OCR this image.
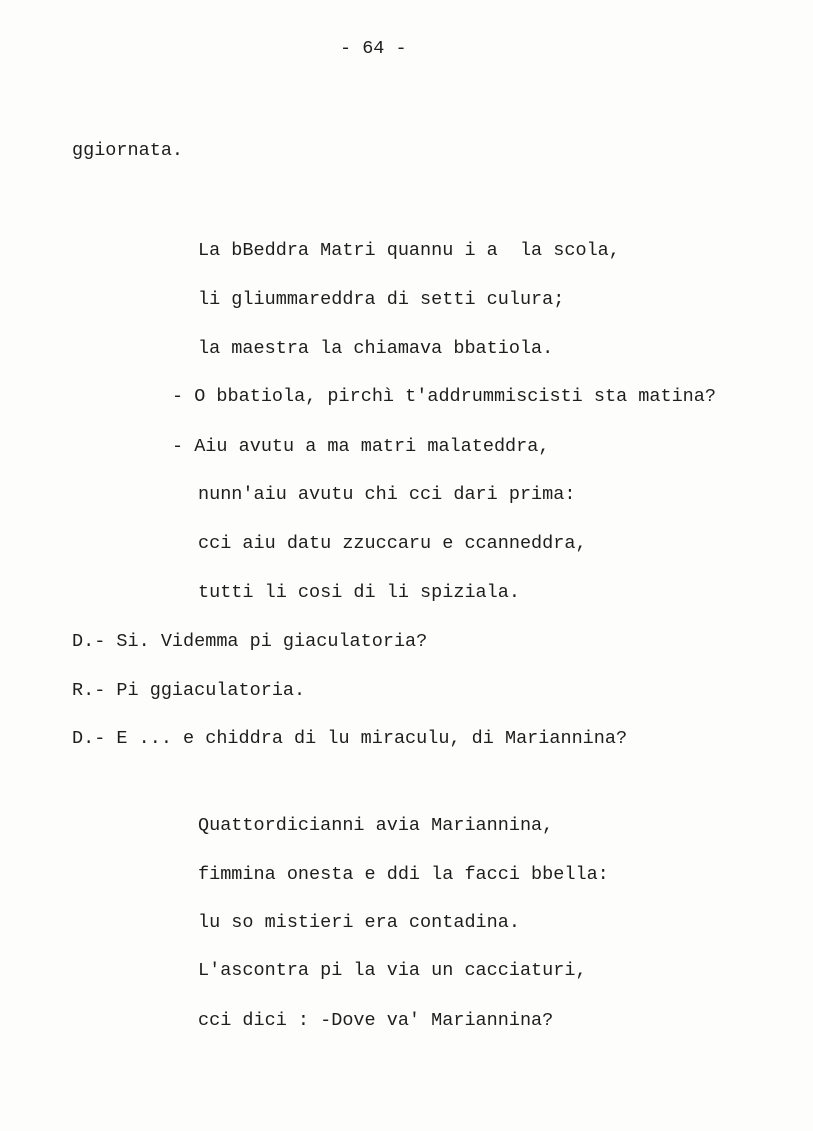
- 64 -

ggiornata.

La bBeddra Matri quannu i a  la scola,

li gliummareddra di setti culura;

la maestra la chiamava bbatiola.

- O bbatiola, pirchì t'addrummiscisti sta matina?

- Aiu avutu a ma matri malateddra,

nunn'aiu avutu chi cci dari prima:

cci aiu datu zzuccaru e ccanneddra,

tutti li cosi di li spiziala.

D.- Si. Videmma pi giaculatoria?

R.- Pi ggiaculatoria.

D.- E ... e chiddra di lu miraculu, di Mariannina?

Quattordicianni avia Mariannina,

fimmina onesta e ddi la facci bbella:

lu so mistieri era contadina.

L'ascontra pi la via un cacciaturi,

cci dici : -Dove va' Mariannina?
